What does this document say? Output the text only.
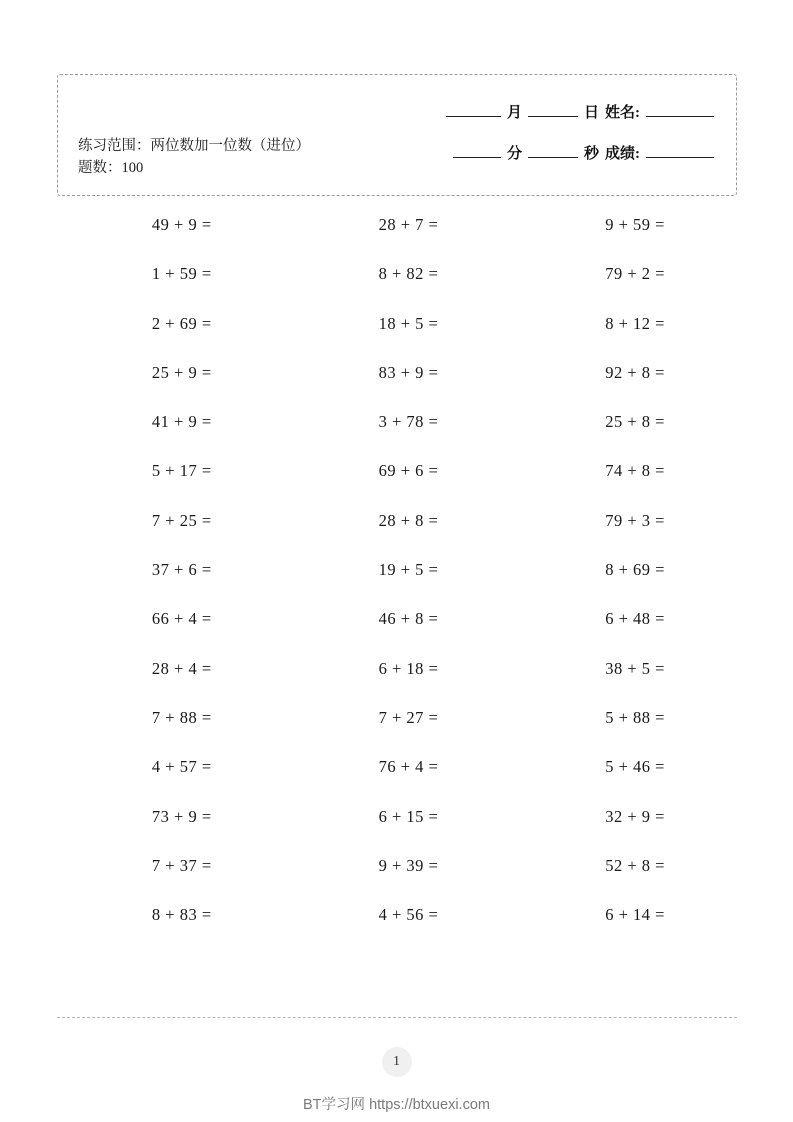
练习范围：两位数加一位数（进位）
题数：100
月	日 姓名:
分	秒 成绩:
49 + 9 =	28 + 7 =	9 + 59 =
1 + 59 =	8 + 82 =	79 + 2 =
2 + 69 =	18 + 5 =	8 + 12 =
25 + 9 =	83 + 9 =	92 + 8 =
41 + 9 =	3 + 78 =	25 + 8 =
5 + 17 =	69 + 6 =	74 + 8 =
7 + 25 =	28 + 8 =	79 + 3 =
37 + 6 =	19 + 5 =	8 + 69 =
66 + 4 =	46 + 8 =	6 + 48 =
28 + 4 =	6 + 18 =	38 + 5 =
7 + 88 =	7 + 27 =	5 + 88 =
4 + 57 =	76 + 4 =	5 + 46 =
73 + 9 =	6 + 15 =	32 + 9 =
7 + 37 =	9 + 39 =	52 + 8 =
8 + 83 =	4 + 56 =	6 + 14 =
1
BT学习网 https://btxuexi.com
